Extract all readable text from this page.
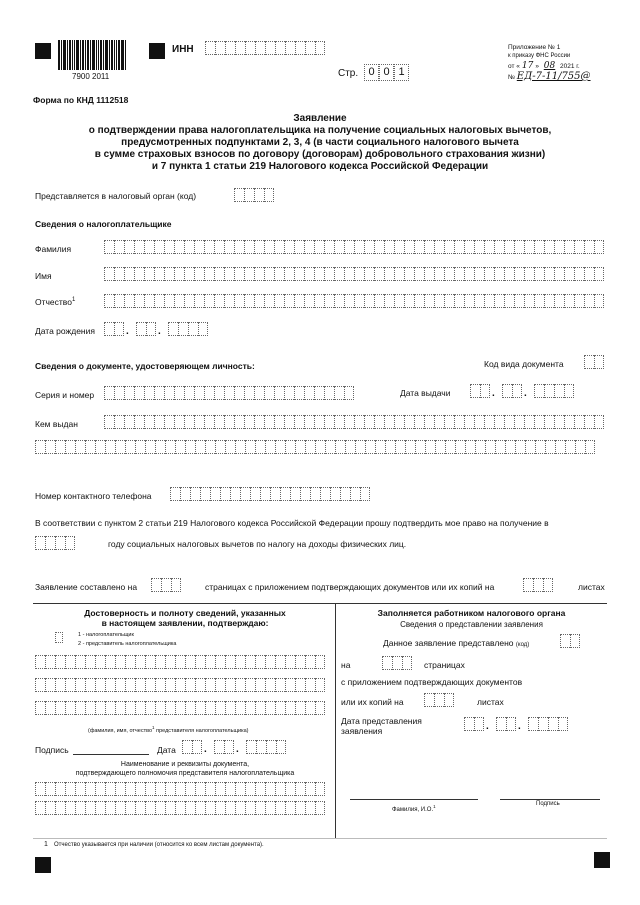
7900 2011
ИНН
Стр. 0 0 1
Приложение № 1
к приказу ФНС России
от « 17 » 08 2021 г.
№ ЕД-7-11/755@
Форма по КНД 1112518
Заявление
о подтверждении права налогоплательщика на получение социальных налоговых вычетов,
предусмотренных подпунктами 2, 3, 4 (в части социального налогового вычета
в сумме страховых взносов по договору (договорам) добровольного страхования жизни)
и 7 пункта 1 статьи 219 Налогового кодекса Российской Федерации
Представляется в налоговый орган (код)
Сведения о налогоплательщике
Фамилия
Имя
Отчество$^1$
Дата рождения	.	.
Сведения о документе, удостоверяющем личность:	Код вида документа
Серия и номер	Дата выдачи	.	.
Кем выдан
Номер контактного телефона
В соответствии с пунктом 2 статьи 219 Налогового кодекса Российской Федерации прошу подтвердить мое право на получение в
году социальных налоговых вычетов по налогу на доходы физических лиц.
Заявление составлено на	страницах с приложением подтверждающих документов или их копий на	листах
Достоверность и полноту сведений, указанных
в настоящем заявлении, подтверждаю:
1 - налогоплательщик
2 - представитель налогоплательщика
(фамилия, имя, отчество$^1$ представителя налогоплательщика)
Подпись	Дата	.	.
Наименование и реквизиты документа,
подтверждающего полномочия представителя налогоплательщика
Заполняется работником налогового органа
Сведения о представлении заявления
Данное заявление представлено (код)
на	страницах
с приложением подтверждающих документов
или их копий на	листах
Дата представления
заявления	.	.
Фамилия, И.О.$^1$	Подпись
1 Отчество указывается при наличии (относится ко всем листам документа).
